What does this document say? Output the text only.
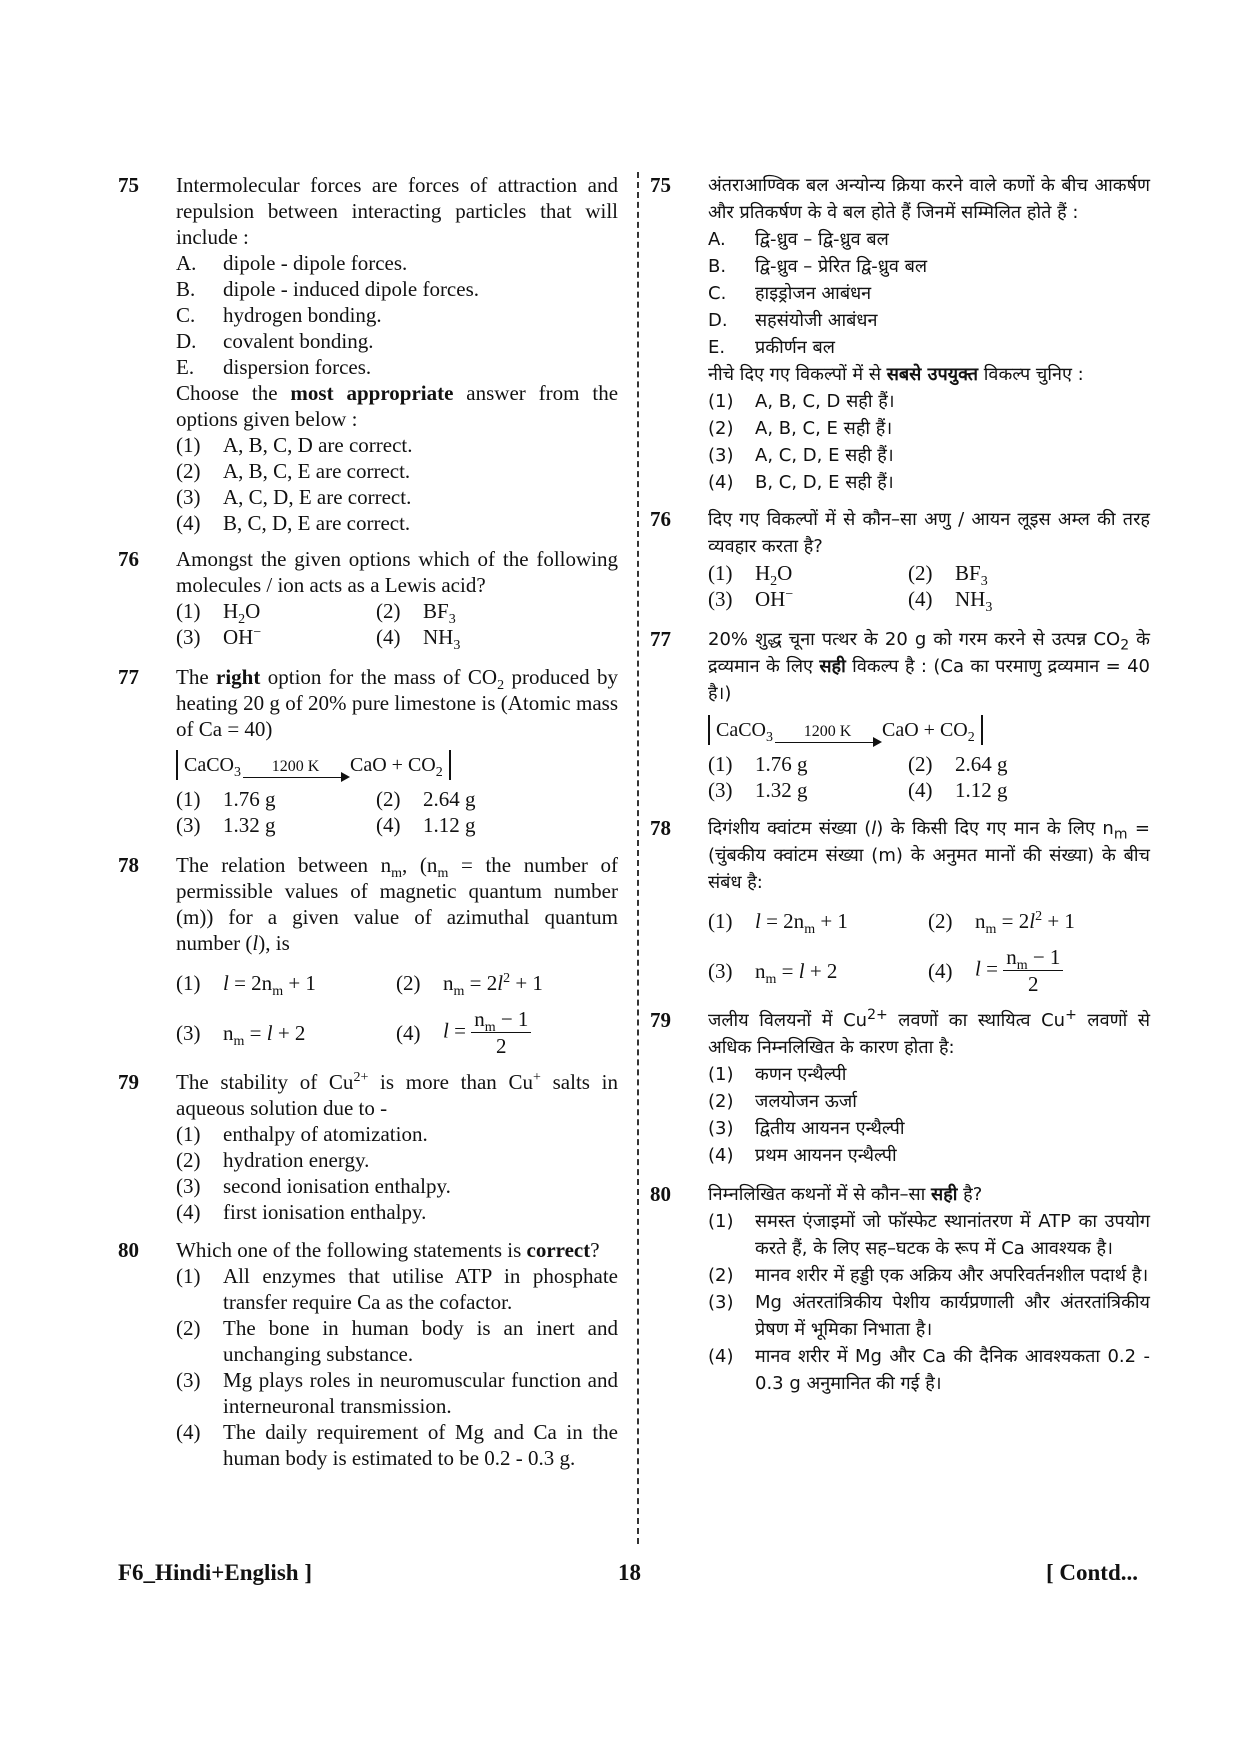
75 Intermolecular forces are forces of attraction and repulsion between interacting particles that will include :
A.	dipole - dipole forces.
B.	dipole - induced dipole forces.
C.	hydrogen bonding.
D.	covalent bonding.
E.	dispersion forces.
Choose the most appropriate answer from the options given below :
(1)	A, B, C, D are correct.
(2)	A, B, C, E are correct.
(3)	A, C, D, E are correct.
(4)	B, C, D, E are correct.
76 Amongst the given options which of the following molecules / ion acts as a Lewis acid?
(1)	$H_2O$	(2)	$BF_3$
(3)	OH−	(4)	$NH_3$
77 The right option for the mass of $CO_2$ produced by heating 20 g of 20% pure limestone is (Atomic mass of Ca = 40)
CaCO$_3$	1200 K	CaO + $CO_2$
(1)	1.76 g	(2)	2.64 g
(3)	1.32 g	(4)	1.12 g
78 The relation between $n_m$, ($n_m$ = the number of permissible values of magnetic quantum number (m)) for a given value of azimuthal quantum number (l), is
(1)	$l = 2n_m + 1$	(2)	$n_m = 2l^2 + 1$
(3)	$n_m = l + 2$	(4)	$l = \frac{n_m - 1}{2}$
79 The stability of $Cu^{2+}$ is more than Cu+ salts in aqueous solution due to -
(1)	enthalpy of atomization.
(2)	hydration energy.
(3)	second ionisation enthalpy.
(4)	first ionisation enthalpy.
80 Which one of the following statements is correct?
(1)	All enzymes that utilise ATP in phosphate transfer require Ca as the cofactor.
(2)	The bone in human body is an inert and unchanging substance.
(3)	Mg plays roles in neuromuscular function and interneuronal transmission.
(4)	The daily requirement of Mg and Ca in the human body is estimated to be 0.2 - 0.3 g.
75 अंतराआण्विक बल अन्योन्य क्रिया करने वाले कणों के बीच आकर्षण और प्रतिकर्षण के वे बल होते हैं जिनमें सम्मिलित होते हैं :
A.	द्वि-ध्रुव – द्वि-ध्रुव बल
B.	द्वि-ध्रुव – प्रेरित द्वि-ध्रुव बल
C.	हाइड्रोजन आबंधन
D.	सहसंयोजी आबंधन
E.	प्रकीर्णन बल
नीचे दिए गए विकल्पों में से सबसे उपयुक्त विकल्प चुनिए :
(1)	A, B, C, D सही हैं।
(2)	A, B, C, E सही हैं।
(3)	A, C, D, E सही हैं।
(4)	B, C, D, E सही हैं।
76 दिए गए विकल्पों में से कौन–सा अणु / आयन लूइस अम्ल की तरह व्यवहार करता है?
(1)	$H_2O$	(2)	$BF_3$
(3)	OH−	(4)	$NH_3$
77 20% शुद्ध चूना पत्थर के 20 g को गरम करने से उत्पन्न $CO_2$ के द्रव्यमान के लिए सही विकल्प है : (Ca का परमाणु द्रव्यमान = 40 है।)
CaCO$_3$	1200 K	CaO + $CO_2$
(1)	1.76 g	(2)	2.64 g
(3)	1.32 g	(4)	1.12 g
78 दिगंशीय क्वांटम संख्या (l) के किसी दिए गए मान के लिए $n_m$ = (चुंबकीय क्वांटम संख्या (m) के अनुमत मानों की संख्या) के बीच संबंध है:
(1)	$l = 2n_m + 1$	(2)	$n_m = 2l^2 + 1$
(3)	$n_m = l + 2$	(4)	$l = \frac{n_m - 1}{2}$
79 जलीय विलयनों में $Cu^{2+}$ लवणों का स्थायित्व Cu+ लवणों से अधिक निम्नलिखित के कारण होता है:
(1)	कणन एन्थैल्पी
(2)	जलयोजन ऊर्जा
(3)	द्वितीय आयनन एन्थैल्पी
(4)	प्रथम आयनन एन्थैल्पी
80 निम्नलिखित कथनों में से कौन–सा सही है?
(1)	समस्त एंजाइमों जो फॉस्फेट स्थानांतरण में ATP का उपयोग करते हैं, के लिए सह–घटक के रूप में Ca आवश्यक है।
(2)	मानव शरीर में हड्डी एक अक्रिय और अपरिवर्तनशील पदार्थ है।
(3)	Mg अंतरतांत्रिकीय पेशीय कार्यप्रणाली और अंतरतांत्रिकीय प्रेषण में भूमिका निभाता है।
(4)	मानव शरीर में Mg और Ca की दैनिक आवश्यकता 0.2 - 0.3 g अनुमानित की गई है।
F6_Hindi+English ]	18	[ Contd...
